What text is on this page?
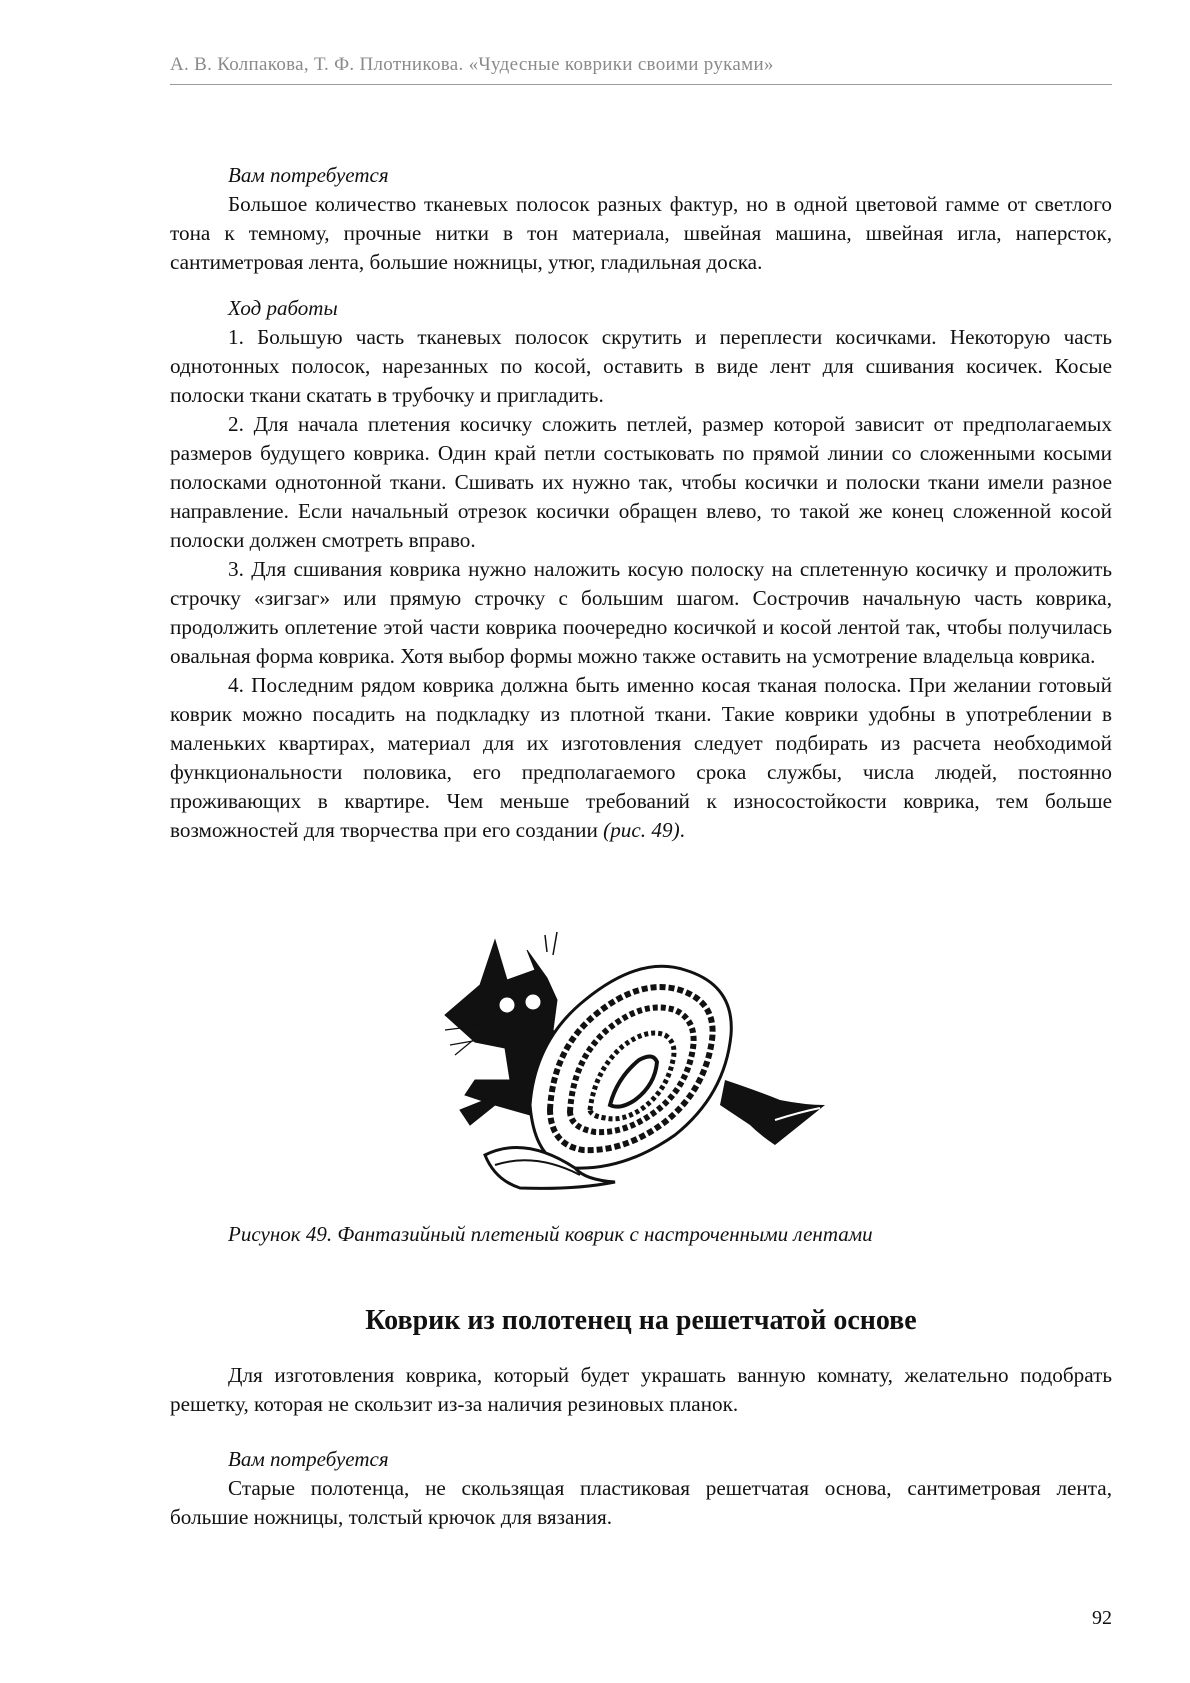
А. В. Колпакова, Т. Ф. Плотникова. «Чудесные коврики своими руками»
Вам потребуется

Большое количество тканевых полосок разных фактур, но в одной цветовой гамме от светлого тона к темному, прочные нитки в тон материала, швейная машина, швейная игла, наперсток, сантиметровая лента, большие ножницы, утюг, гладильная доска.

Ход работы

1. Большую часть тканевых полосок скрутить и переплести косичками. Некоторую часть однотонных полосок, нарезанных по косой, оставить в виде лент для сшивания косичек. Косые полоски ткани скатать в трубочку и пригладить.

2. Для начала плетения косичку сложить петлей, размер которой зависит от предполагаемых размеров будущего коврика. Один край петли состыковать по прямой линии со сложенными косыми полосками однотонной ткани. Сшивать их нужно так, чтобы косички и полоски ткани имели разное направление. Если начальный отрезок косички обращен влево, то такой же конец сложенной косой полоски должен смотреть вправо.

3. Для сшивания коврика нужно наложить косую полоску на сплетенную косичку и проложить строчку «зигзаг» или прямую строчку с большим шагом. Сострочив начальную часть коврика, продолжить оплетение этой части коврика поочередно косичкой и косой лентой так, чтобы получилась овальная форма коврика. Хотя выбор формы можно также оставить на усмотрение владельца коврика.

4. Последним рядом коврика должна быть именно косая тканая полоска. При желании готовый коврик можно посадить на подкладку из плотной ткани. Такие коврики удобны в употреблении в маленьких квартирах, материал для их изготовления следует подбирать из расчета необходимой функциональности половика, его предполагаемого срока службы, числа людей, постоянно проживающих в квартире. Чем меньше требований к износостойкости коврика, тем больше возможностей для творчества при его создании (рис. 49).

Рисунок 49. Фантазийный плетеный коврик с настроченными лентами
Коврик из полотенец на решетчатой основе

Для изготовления коврика, который будет украшать ванную комнату, желательно подобрать решетку, которая не скользит из-за наличия резиновых планок.

Вам потребуется

Старые полотенца, не скользящая пластиковая решетчатая основа, сантиметровая лента, большие ножницы, толстый крючок для вязания.

92
